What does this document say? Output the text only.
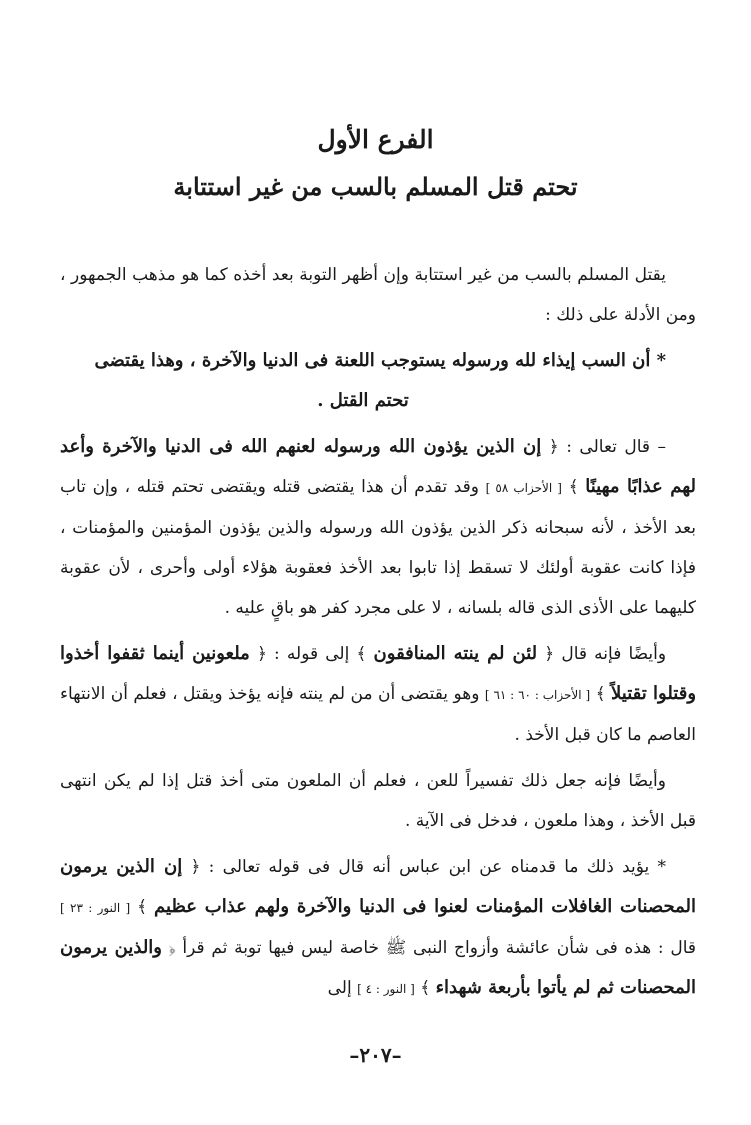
الفرع الأول
تحتم قتل المسلم بالسب من غير استتابة

يقتل المسلم بالسب من غير استتابة وإن أظهر التوبة بعد أخذه كما هو مذهب الجمهور ، ومن الأدلة على ذلك :

* أن السب إيذاء لله ورسوله يستوجب اللعنة فى الدنيا والآخرة ، وهذا يقتضى

تحتم القتل .

– قال تعالى : ﴿ إن الذين يؤذون الله ورسوله لعنهم الله فى الدنيا والآخرة وأعد لهم عذابًا مهينًا ﴾ [ الأحزاب ٥٨ ] وقد تقدم أن هذا يقتضى قتله ويقتضى تحتم قتله ، وإن تاب بعد الأخذ ، لأنه سبحانه ذكر الذين يؤذون الله ورسوله والذين يؤذون المؤمنين والمؤمنات ، فإذا كانت عقوبة أولئك لا تسقط إذا تابوا بعد الأخذ فعقوبة هؤلاء أولى وأحرى ، لأن عقوبة كليهما على الأذى الذى قاله بلسانه ، لا على مجرد كفر هو باقٍ عليه .

وأيضًا فإنه قال ﴿ لئن لم ينته المنافقون ﴾ إلى قوله : ﴿ ملعونين أينما ثقفوا أخذوا وقتلوا تقتيلاً ﴾ [ الأحزاب : ٦٠ : ٦١ ] وهو يقتضى أن من لم ينته فإنه يؤخذ ويقتل ، فعلم أن الانتهاء العاصم ما كان قبل الأخذ .

وأيضًا فإنه جعل ذلك تفسيراً للعن ، فعلم أن الملعون متى أخذ قتل إذا لم يكن انتهى قبل الأخذ ، وهذا ملعون ، فدخل فى الآية .

* يؤيد ذلك ما قدمناه عن ابن عباس أنه قال فى قوله تعالى : ﴿ إن الذين يرمون المحصنات الغافلات المؤمنات لعنوا فى الدنيا والآخرة ولهم عذاب عظيم ﴾ [ النور : ٢٣ ] قال : هذه فى شأن عائشة وأزواج النبى ﷺ خاصة ليس فيها توبة ثم قرأ ﴿ والذين يرمون المحصنات ثم لم يأتوا بأربعة شهداء ﴾ [ النور : ٤ ] إلى

–٢٠٧–
